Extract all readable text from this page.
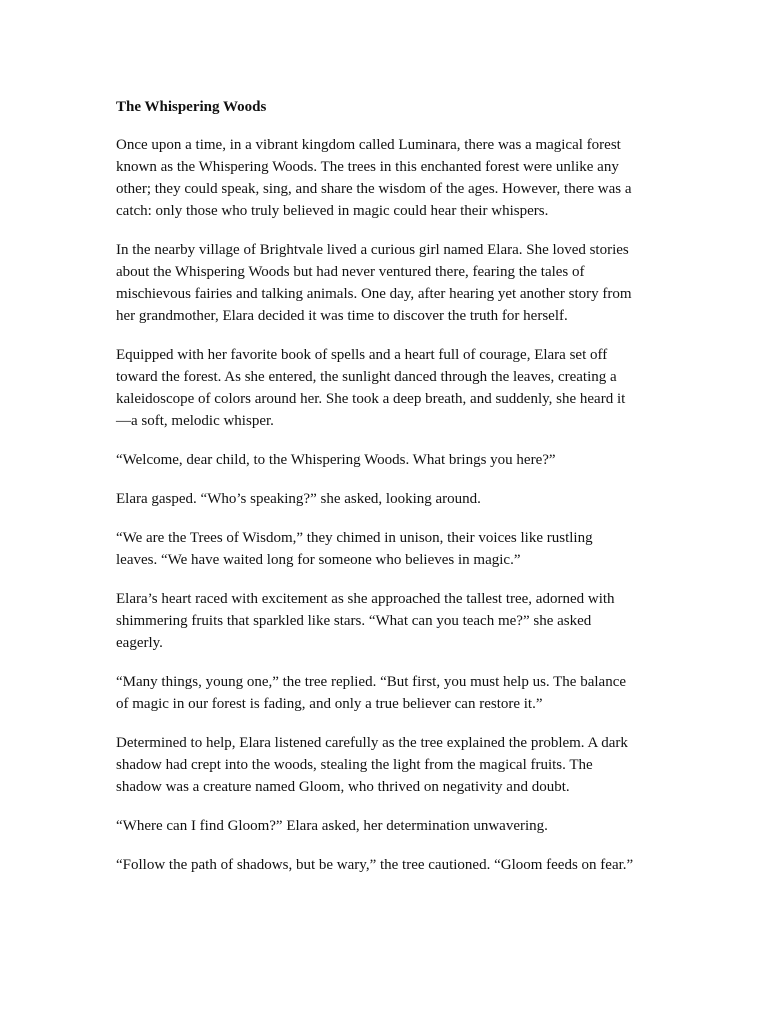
The Whispering Woods

Once upon a time, in a vibrant kingdom called Luminara, there was a magical forest
known as the Whispering Woods. The trees in this enchanted forest were unlike any
other; they could speak, sing, and share the wisdom of the ages. However, there was a
catch: only those who truly believed in magic could hear their whispers.

In the nearby village of Brightvale lived a curious girl named Elara. She loved stories
about the Whispering Woods but had never ventured there, fearing the tales of
mischievous fairies and talking animals. One day, after hearing yet another story from
her grandmother, Elara decided it was time to discover the truth for herself.

Equipped with her favorite book of spells and a heart full of courage, Elara set off
toward the forest. As she entered, the sunlight danced through the leaves, creating a
kaleidoscope of colors around her. She took a deep breath, and suddenly, she heard it
—a soft, melodic whisper.

“Welcome, dear child, to the Whispering Woods. What brings you here?”

Elara gasped. “Who’s speaking?” she asked, looking around.

“We are the Trees of Wisdom,” they chimed in unison, their voices like rustling
leaves. “We have waited long for someone who believes in magic.”

Elara’s heart raced with excitement as she approached the tallest tree, adorned with
shimmering fruits that sparkled like stars. “What can you teach me?” she asked
eagerly.

“Many things, young one,” the tree replied. “But first, you must help us. The balance
of magic in our forest is fading, and only a true believer can restore it.”

Determined to help, Elara listened carefully as the tree explained the problem. A dark
shadow had crept into the woods, stealing the light from the magical fruits. The
shadow was a creature named Gloom, who thrived on negativity and doubt.

“Where can I find Gloom?” Elara asked, her determination unwavering.

“Follow the path of shadows, but be wary,” the tree cautioned. “Gloom feeds on fear.”
